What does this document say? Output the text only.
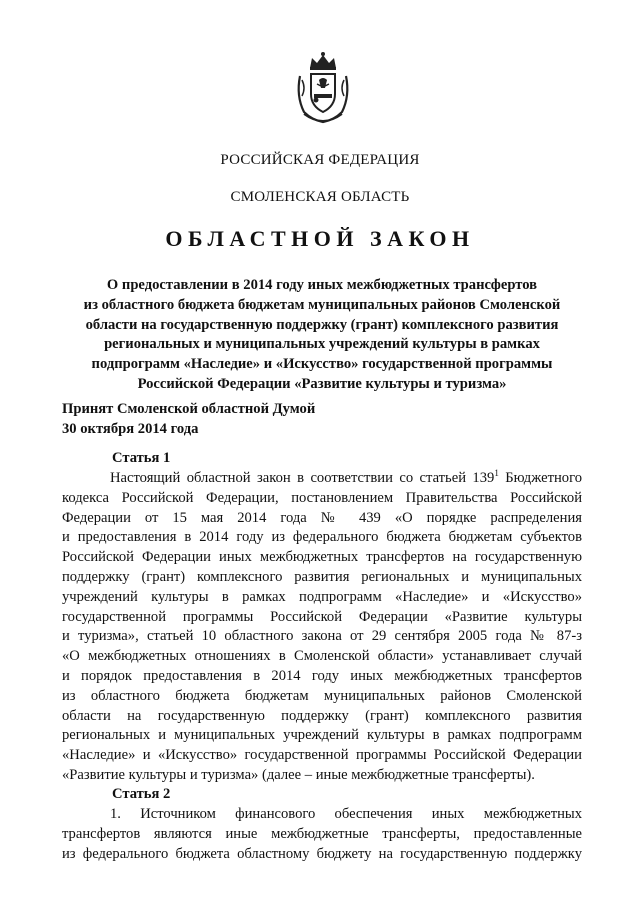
РОССИЙСКАЯ ФЕДЕРАЦИЯ
СМОЛЕНСКАЯ ОБЛАСТЬ
ОБЛАСТНОЙ ЗАКОН
О предоставлении в 2014 году иных межбюджетных трансфертов
из областного бюджета бюджетам муниципальных районов Смоленской
области на государственную поддержку (грант) комплексного развития
региональных и муниципальных учреждений культуры в рамках
подпрограмм «Наследие» и «Искусство» государственной программы
Российской Федерации «Развитие культуры и туризма»
Принят Смоленской областной Думой
30 октября 2014 года
Статья 1
Настоящий областной закон в соответствии со статьей $139^1$ Бюджетного
кодекса Российской Федерации, постановлением Правительства Российской
Федерации от 15 мая 2014 года № 439 «О порядке распределения
и предоставления в 2014 году из федерального бюджета бюджетам субъектов
Российской Федерации иных межбюджетных трансфертов на государственную
поддержку (грант) комплексного развития региональных и муниципальных
учреждений культуры в рамках подпрограмм «Наследие» и «Искусство»
государственной программы Российской Федерации «Развитие культуры
и туризма», статьей 10 областного закона от 29 сентября 2005 года № 87-з
«О межбюджетных отношениях в Смоленской области» устанавливает случай
и порядок предоставления в 2014 году иных межбюджетных трансфертов
из областного бюджета бюджетам муниципальных районов Смоленской
области на государственную поддержку (грант) комплексного развития
региональных и муниципальных учреждений культуры в рамках подпрограмм
«Наследие» и «Искусство» государственной программы Российской Федерации
«Развитие культуры и туризма» (далее – иные межбюджетные трансферты).
Статья 2
1. Источником финансового обеспечения иных межбюджетных
трансфертов являются иные межбюджетные трансферты, предоставленные
из федерального бюджета областному бюджету на государственную поддержку
